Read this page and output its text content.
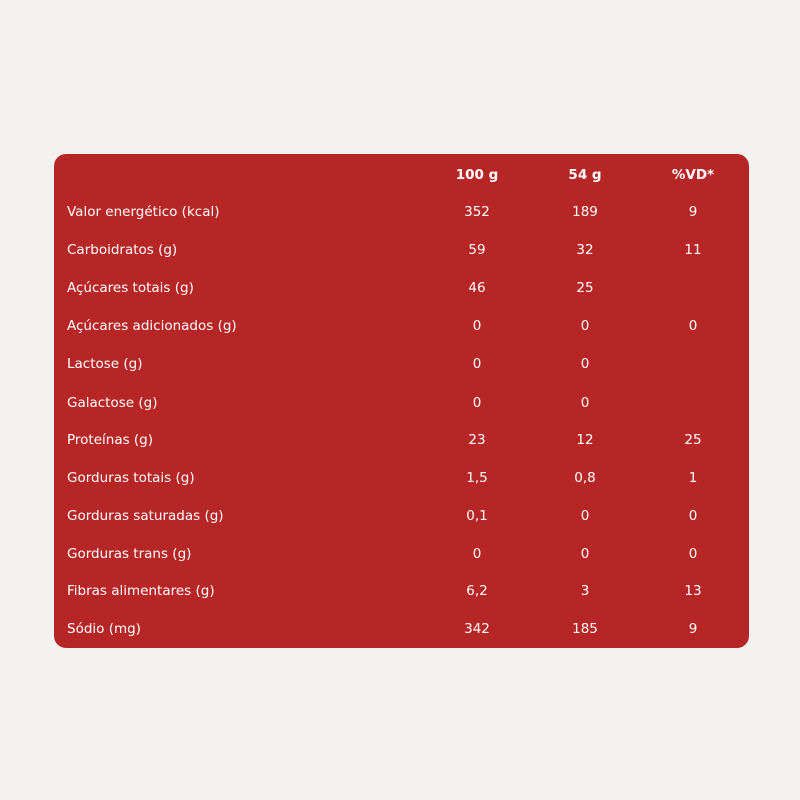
100 g	54 g	%VD*
Valor energético (kcal)	352	189	9
Carboidratos (g)	59	32	11
Açúcares totais (g)	46	25
Açúcares adicionados (g)	0	0	0
Lactose (g)	0	0
Galactose (g)	0	0
Proteínas (g)	23	12	25
Gorduras totais (g)	1,5	0,8	1
Gorduras saturadas (g)	0,1	0	0
Gorduras trans (g)	0	0	0
Fibras alimentares (g)	6,2	3	13
Sódio (mg)	342	185	9
